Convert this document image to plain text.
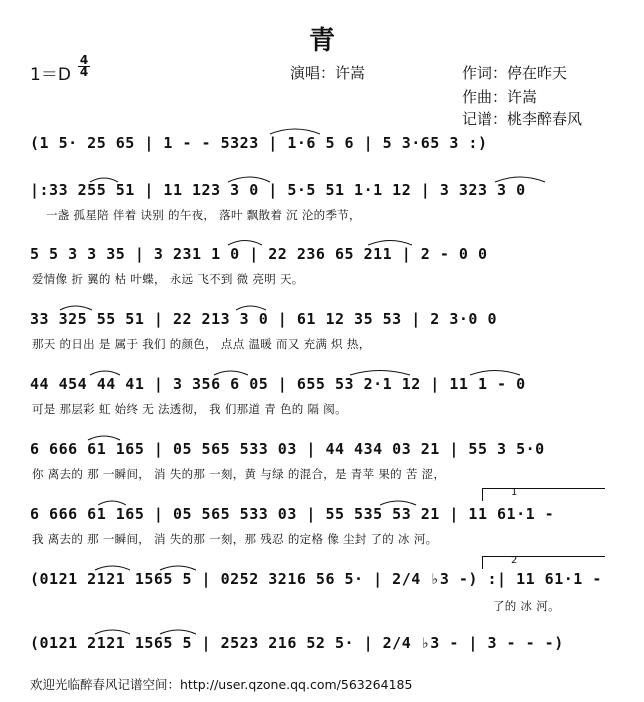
青
1＝D
4
4	演唱：许嵩	作词：停在昨天
作曲：许嵩
记谱：桃李醉春风
(1 5· 25 65 | 1 - - 5323 | 1·6 5 6 | 5 3·65 3 :)
|:33 255 51 | 11 123 3 0 | 5·5 51 1·1 12 | 3 323 3 0
一盏 孤星陪 伴着 诀别 的午夜， 落叶 飘散着 沉 沦的季节，
5 5 3 3 35 | 3 231 1 0 | 22 236 65 211 | 2 - 0 0
爱情像 折 翼的 枯 叶蝶， 永远 飞不到 微 亮明 天。
33 325 55 51 | 22 213 3 0 | 61 12 35 53 | 2 3·0 0
那天 的日出 是 属于 我们 的颜色， 点点 温暖 而又 充满 炽 热，
44 454 44 41 | 3 356 6 05 | 655 53 2·1 12 | 11 1 - 0
可是 那层彩 虹 始终 无 法透彻， 我 们那道 青 色的 隔 阂。
6 666 61 165 | 05 565 533 03 | 44 434 03 21 | 55 3 5·0
你 离去的 那 一瞬间， 消 失的那 一刻，黄 与绿 的混合，是 青苹 果的 苦 涩，
6 666 61 165 | 05 565 533 03 | 55 535 53 21 | 11 61·1 -
我 离去的 那 一瞬间， 消 失的那 一刻，那 残忍 的定格 像 尘封 了的 冰 河。
(0121 2121 1565 5 | 0252 3216 56 5· | 2/4 ♭3 -) :| 11 61·1 -
了的 冰 河。
(0121 2121 1565 5 | 2523 216 52 5· | 2/4 ♭3 - | 3 - - -)
1
2
欢迎光临醉春风记谱空间：http://user.qzone.qq.com/563264185
